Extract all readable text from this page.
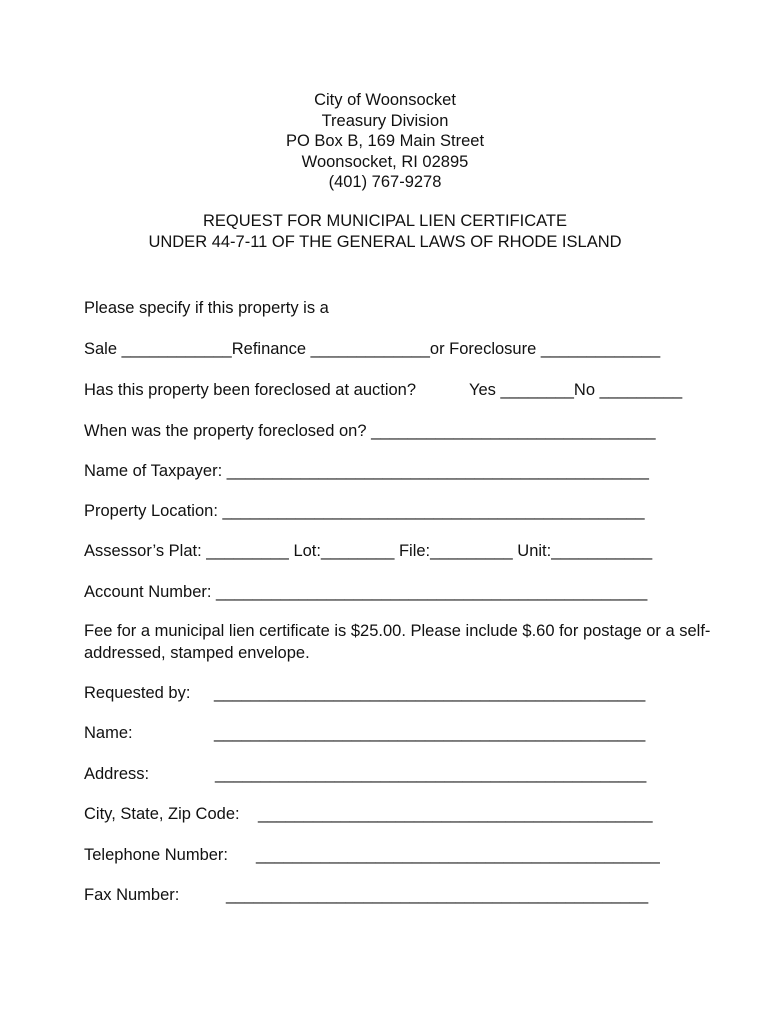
City of Woonsocket
Treasury Division
PO Box B, 169 Main Street
Woonsocket, RI 02895
(401) 767-9278
REQUEST FOR MUNICIPAL LIEN CERTIFICATE
UNDER 44-7-11 OF THE GENERAL LAWS OF RHODE ISLAND
Please specify if this property is a
Sale ____________Refinance _____________or Foreclosure _____________
Has this property been foreclosed at auction?	Yes ________No _________
When was the property foreclosed on? _______________________________
Name of Taxpayer: ______________________________________________
Property Location: ______________________________________________
Assessor’s Plat: _________ Lot:________ File:_________ Unit:___________
Account Number: _______________________________________________
Fee for a municipal lien certificate is $25.00. Please include $.60 for postage or a self-addressed, stamped envelope.
Requested by: _______________________________________________
Name:	_______________________________________________
Address:	_______________________________________________
City, State, Zip Code: ___________________________________________
Telephone Number: ____________________________________________
Fax Number:	______________________________________________
